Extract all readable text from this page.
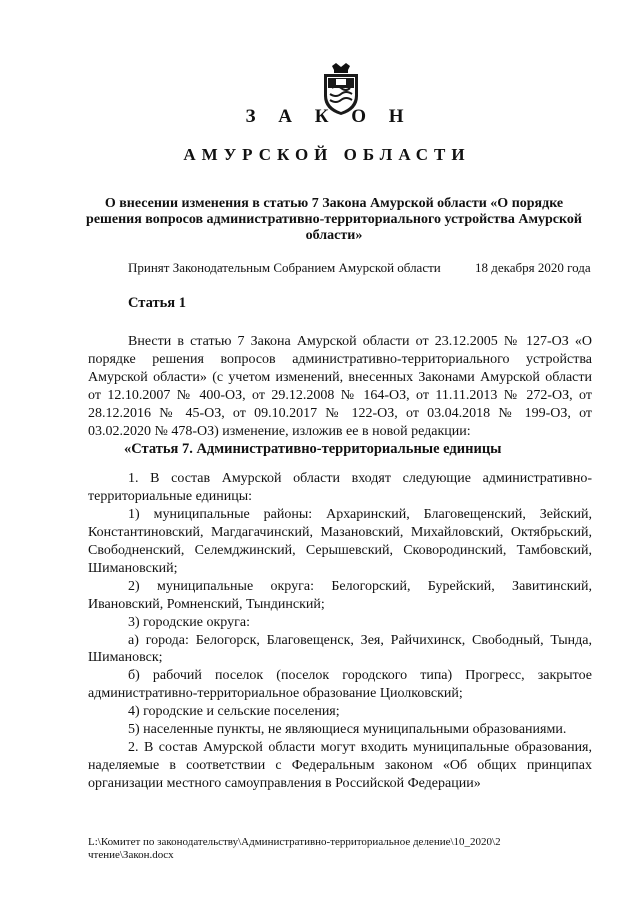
З А К О Н
АМУРСКОЙ ОБЛАСТИ
О внесении изменения в статью 7 Закона Амурской области «О порядке решения вопросов административно-территориального устройства Амурской области»
Принят Законодательным Собранием Амурской области	18 декабря 2020 года
Статья 1

Внести в статью 7 Закона Амурской области от 23.12.2005 № 127-ОЗ «О порядке решения вопросов административно-территориального устройства Амурской области» (с учетом изменений, внесенных Законами Амурской области от 12.10.2007 № 400-ОЗ, от 29.12.2008 № 164-ОЗ, от 11.11.2013 № 272-ОЗ, от 28.12.2016 № 45-ОЗ, от 09.10.2017 № 122-ОЗ, от 03.04.2018 № 199-ОЗ, от 03.02.2020 № 478-ОЗ) изменение, изложив ее в новой редакции:

«Статья 7. Административно-территориальные единицы

1. В состав Амурской области входят следующие административно-территориальные единицы:

1) муниципальные районы: Архаринский, Благовещенский, Зейский, Константиновский, Магдагачинский, Мазановский, Михайловский, Октябрьский, Свободненский, Селемджинский, Серышевский, Сковородинский, Тамбовский, Шимановский;

2) муниципальные округа: Белогорский, Бурейский, Завитинский, Ивановский, Ромненский, Тындинский;

3) городские округа:

а) города: Белогорск, Благовещенск, Зея, Райчихинск, Свободный, Тында, Шимановск;

б) рабочий поселок (поселок городского типа) Прогресс, закрытое административно-территориальное образование Циолковский;

4) городские и сельские поселения;

5) населенные пункты, не являющиеся муниципальными образованиями.

2. В состав Амурской области могут входить муниципальные образования, наделяемые в соответствии с Федеральным законом «Об общих принципах организации местного самоуправления в Российской Федерации»

L:\Комитет по законодательству\Административно-территориальное деление\10_2020\2
чтение\Закон.docx
